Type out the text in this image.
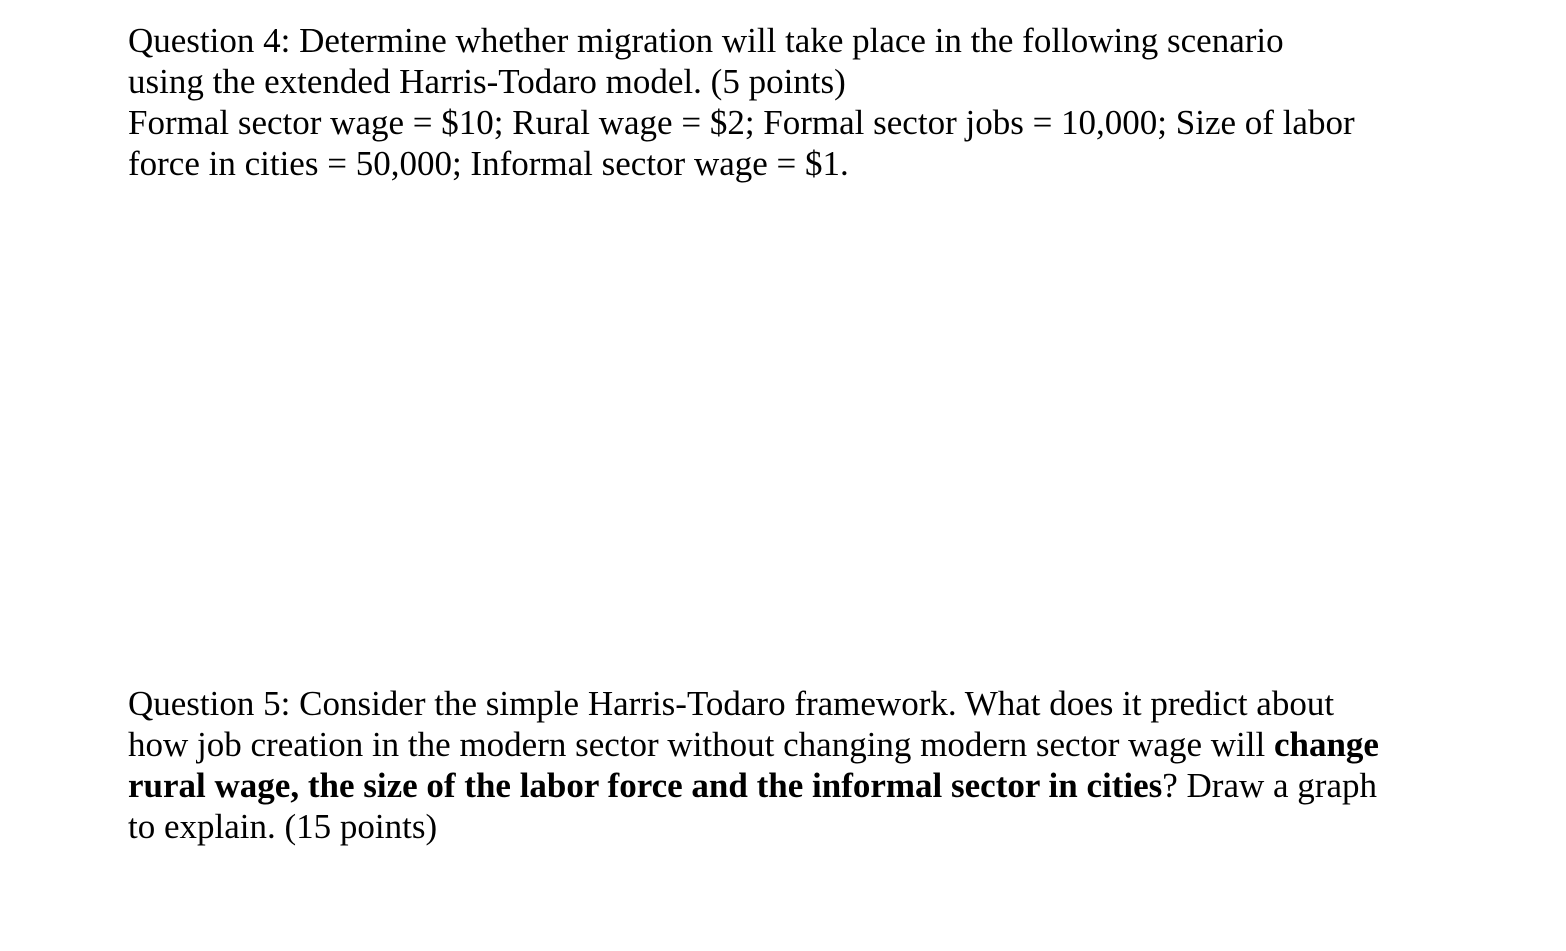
Question 4: Determine whether migration will take place in the following scenario
using the extended Harris-Todaro model. (5 points)
Formal sector wage = $10; Rural wage = $2; Formal sector jobs = 10,000; Size of labor
force in cities = 50,000; Informal sector wage = $1.
Question 5: Consider the simple Harris-Todaro framework. What does it predict about
how job creation in the modern sector without changing modern sector wage will change
rural wage, the size of the labor force and the informal sector in cities? Draw a graph
to explain. (15 points)
